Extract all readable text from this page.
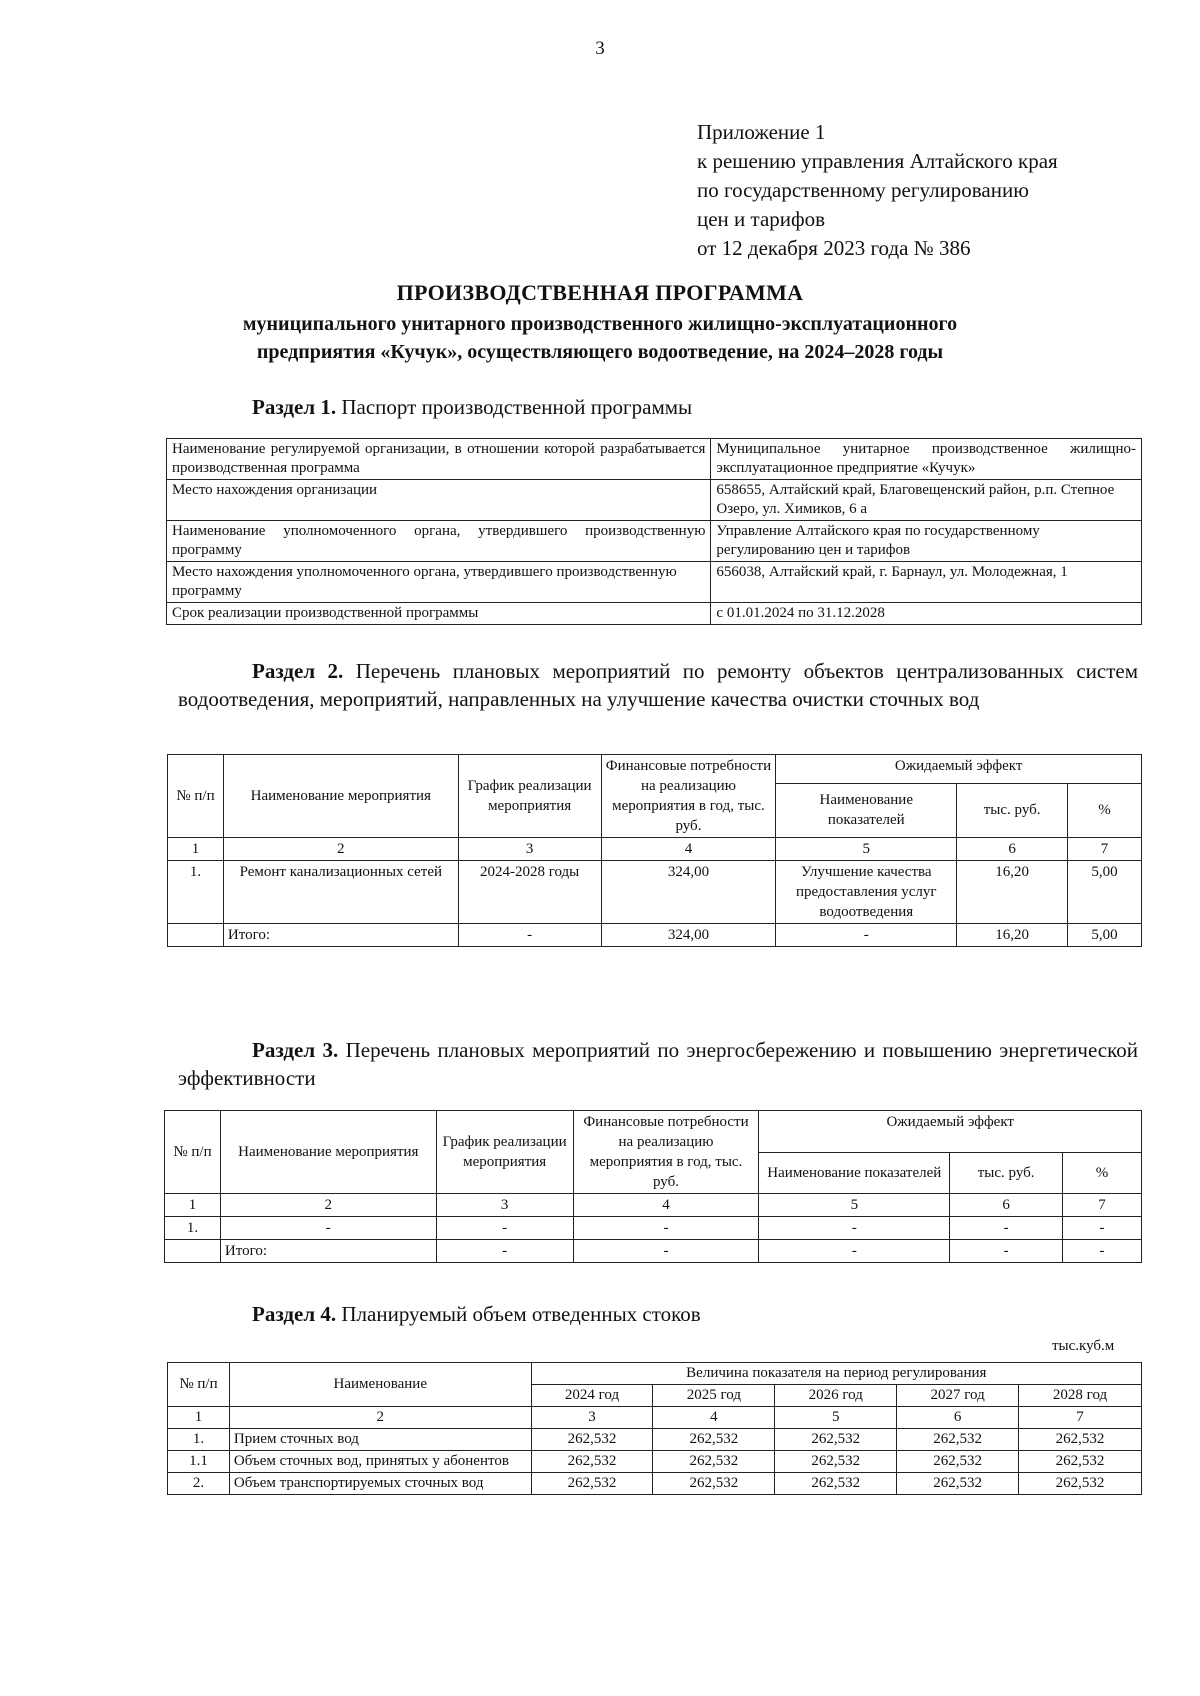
3
Приложение 1
к решению управления Алтайского края
по государственному регулированию
цен и тарифов
от 12 декабря 2023 года № 386
ПРОИЗВОДСТВЕННАЯ ПРОГРАММА
муниципального унитарного производственного жилищно-эксплуатационного
предприятия «Кучук», осуществляющего водоотведение, на 2024–2028 годы
Раздел 1. Паспорт производственной программы
Наименование регулируемой организации, в отношении которой разрабатывается производственная программа	Муниципальное унитарное производственное жилищно-эксплуатационное предприятие «Кучук»
Место нахождения организации	658655, Алтайский край, Благовещенский район, р.п. Степное Озеро, ул. Химиков, 6 а
Наименование уполномоченного органа, утвердившего производственную программу	Управление Алтайского края по государственному регулированию цен и тарифов
Место нахождения уполномоченного органа, утвердившего производственную программу	656038, Алтайский край, г. Барнаул, ул. Молодежная, 1
Срок реализации производственной программы	с 01.01.2024 по 31.12.2028
Раздел 2. Перечень плановых мероприятий по ремонту объектов централизованных систем водоотведения, мероприятий, направленных на улучшение качества очистки сточных вод
№ п/п	Наименование мероприятия	График реализации мероприятия	Финансовые потребности на реализацию мероприятия в год, тыс. руб.	Ожидаемый эффект		
				Наименование показателей	тыс. руб.	%
1	2	3	4	5	6	7
1.	Ремонт канализационных сетей	2024-2028 годы	324,00	Улучшение качества предоставления услуг водоотведения	16,20	5,00
	Итого:	-	324,00	-	16,20	5,00
Раздел 3. Перечень плановых мероприятий по энергосбережению и повышению энергетической эффективности
№ п/п	Наименование мероприятия	График реализации мероприятия	Финансовые потребности на реализацию мероприятия в год, тыс. руб.	Ожидаемый эффект		
				Наименование показателей	тыс. руб.	%
1	2	3	4	5	6	7
1.	-	-	-	-	-	-
	Итого:	-	-	-	-	-
Раздел 4. Планируемый объем отведенных стоков
тыс.куб.м
№ п/п	Наименование	Величина показателя на период регулирования				
		2024 год	2025 год	2026 год	2027 год	2028 год
1	2	3	4	5	6	7
1.	Прием сточных вод	262,532	262,532	262,532	262,532	262,532
1.1	Объем сточных вод, принятых у абонентов	262,532	262,532	262,532	262,532	262,532
2.	Объем транспортируемых сточных вод	262,532	262,532	262,532	262,532	262,532
